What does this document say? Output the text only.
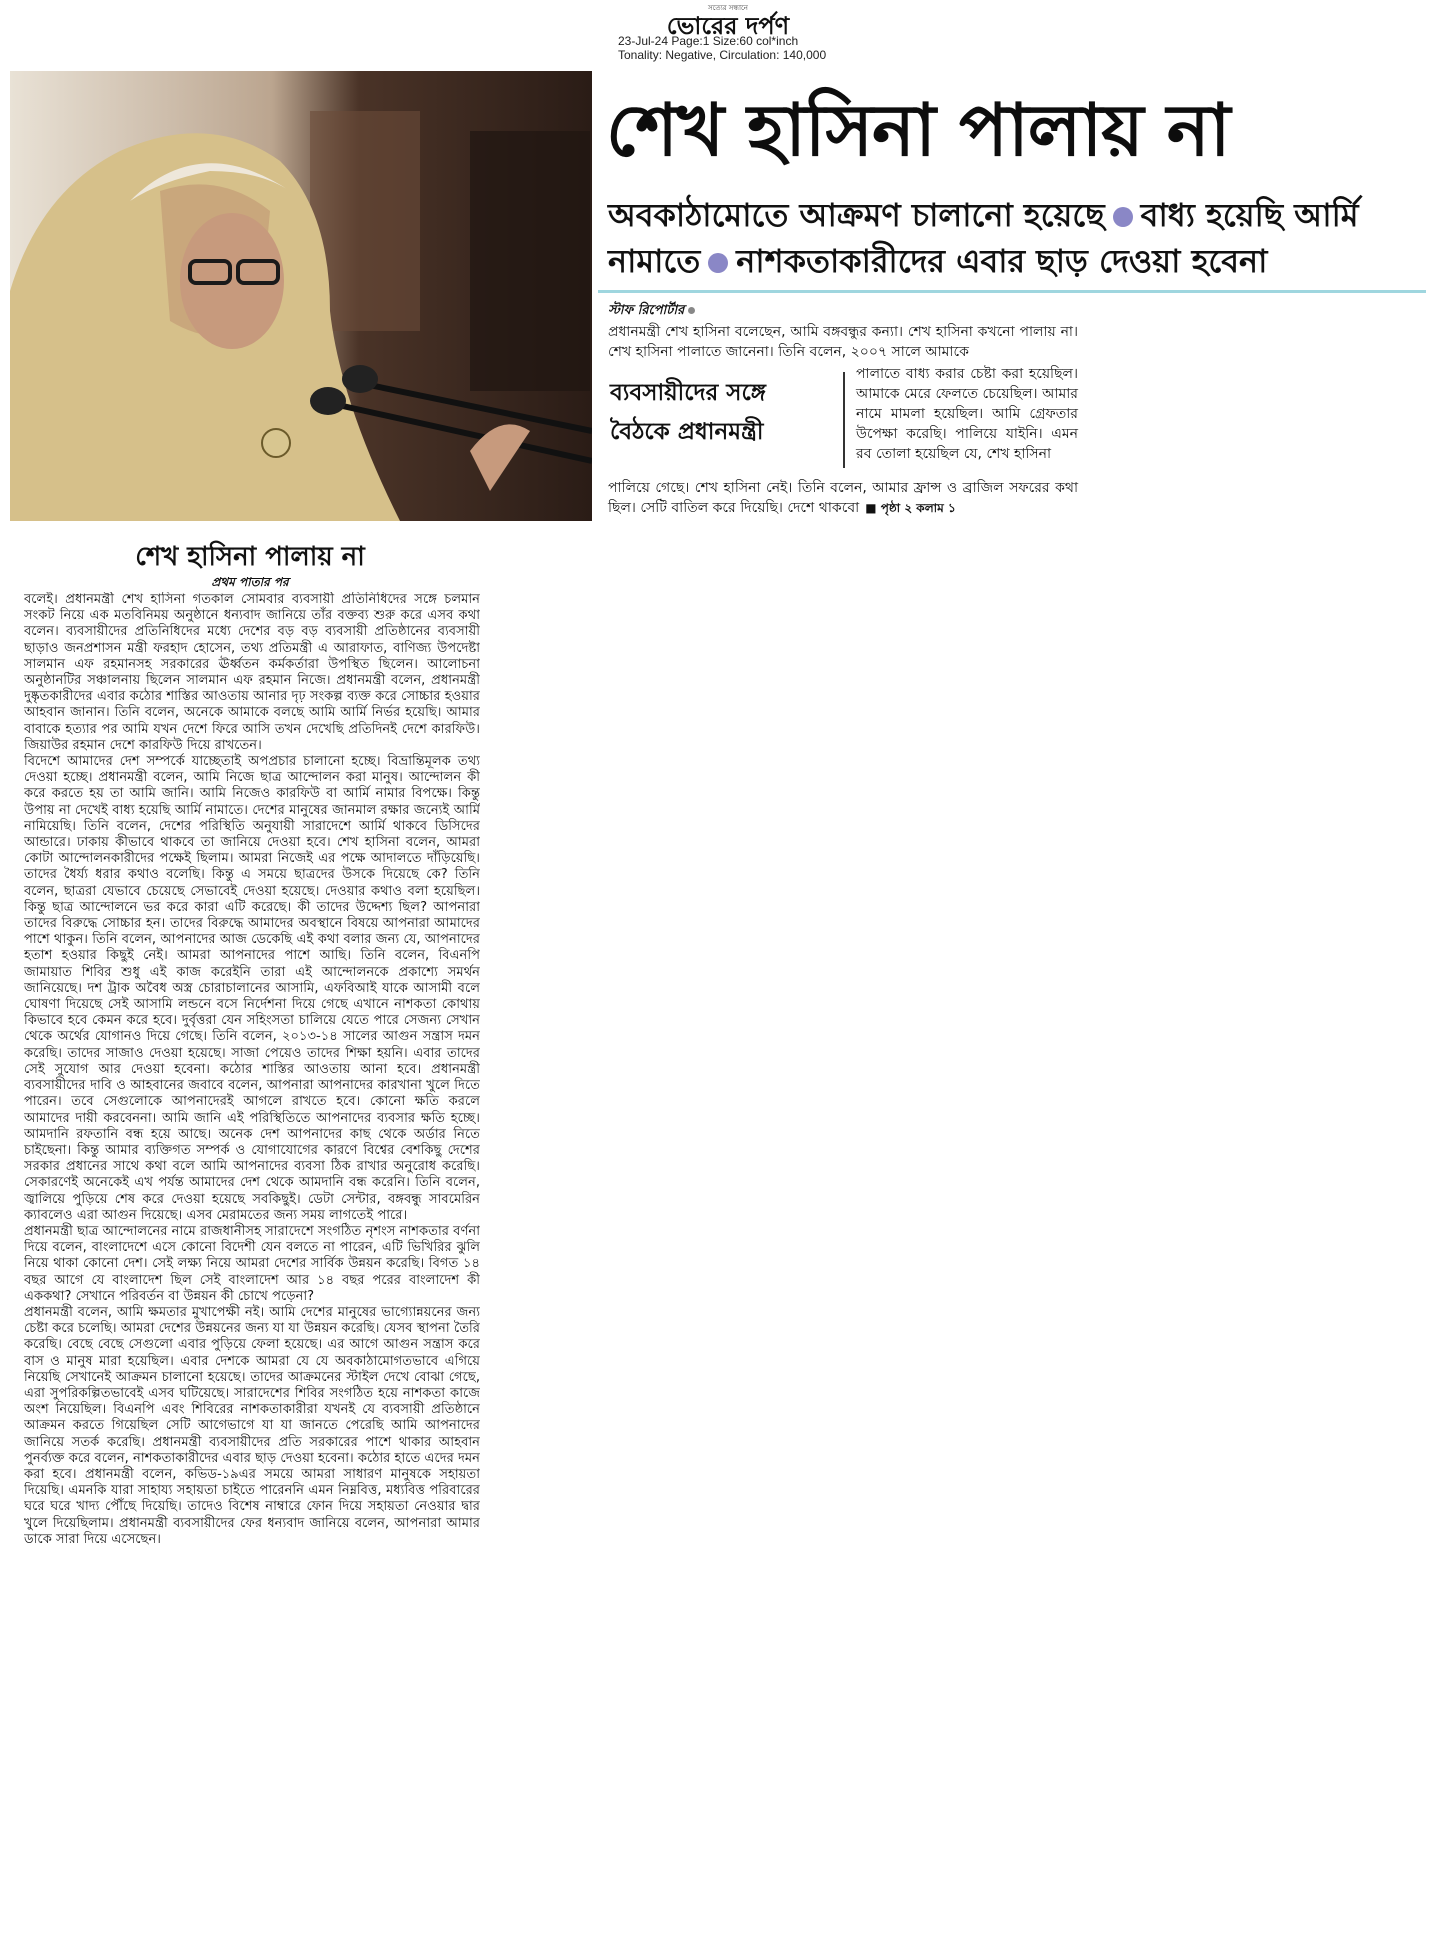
সত্যের সন্ধানে
ভোরের দর্পণ
23-Jul-24 Page:1 Size:60 col*inch
Tonality: Negative, Circulation: 140,000
শেখ হাসিনা পালায় না
অবকাঠামোতে আক্রমণ চালানো হয়েছে বাধ্য হয়েছি আর্মি নামাতে নাশকতাকারীদের এবার ছাড় দেওয়া হবেনা
স্টাফ রিপোর্টার
প্রধানমন্ত্রী শেখ হাসিনা বলেছেন, আমি বঙ্গবন্ধুর কন্যা। শেখ হাসিনা কখনো পালায় না। শেখ হাসিনা পালাতে জানেনা। তিনি বলেন, ২০০৭ সালে আমাকে
ব্যবসায়ীদের সঙ্গে
বৈঠকে প্রধানমন্ত্রী
পালাতে বাধ্য করার চেষ্টা করা হয়েছিল। আমাকে মেরে ফেলতে চেয়েছিল। আমার নামে মামলা হয়েছিল। আমি গ্রেফতার উপেক্ষা করেছি। পালিয়ে যাইনি। এমন রব তোলা হয়েছিল যে, শেখ হাসিনা
পালিয়ে গেছে। শেখ হাসিনা নেই। তিনি বলেন, আমার ফ্রান্স ও ব্রাজিল সফরের কথা ছিল। সেটি বাতিল করে দিয়েছি। দেশে থাকবো ■ পৃষ্ঠা ২ কলাম ১
শেখ হাসিনা পালায় না
প্রথম পাতার পর

বলেই। প্রধানমন্ত্রী শেখ হাসিনা গতকাল সোমবার ব্যবসায়ী প্রতিনিধিদের সঙ্গে চলমান সংকট নিয়ে এক মতবিনিময় অনুষ্ঠানে ধন্যবাদ জানিয়ে তাঁর বক্তব্য শুরু করে এসব কথা বলেন। ব্যবসায়ীদের প্রতিনিধিদের মধ্যে দেশের বড় বড় ব্যবসায়ী প্রতিষ্ঠানের ব্যবসায়ী ছাড়াও জনপ্রশাসন মন্ত্রী ফরহাদ হোসেন, তথ্য প্রতিমন্ত্রী এ আরাফাত, বাণিজ্য উপদেষ্টা সালমান এফ রহমানসহ সরকারের ঊর্ধ্বতন কর্মকর্তারা উপস্থিত ছিলেন। আলোচনা অনুষ্ঠানটির সঞ্চালনায় ছিলেন সালমান এফ রহমান নিজে। প্রধানমন্ত্রী বলেন, প্রধানমন্ত্রী দুষ্কৃতকারীদের এবার কঠোর শাস্তির আওতায় আনার দৃঢ় সংকল্প ব্যক্ত করে সোচ্চার হওয়ার আহবান জানান। তিনি বলেন, অনেকে আমাকে বলছে আমি আর্মি নির্ভর হয়েছি। আমার বাবাকে হত্যার পর আমি যখন দেশে ফিরে আসি তখন দেখেছি প্রতিদিনই দেশে কারফিউ। জিয়াউর রহমান দেশে কারফিউ দিয়ে রাখতেন।

বিদেশে আমাদের দেশ সম্পর্কে যাচ্ছেতাই অপপ্রচার চালানো হচ্ছে। বিভ্রান্তিমূলক তথ্য দেওয়া হচ্ছে। প্রধানমন্ত্রী বলেন, আমি নিজে ছাত্র আন্দোলন করা মানুষ। আন্দোলন কী করে করতে হয় তা আমি জানি। আমি নিজেও কারফিউ বা আর্মি নামার বিপক্ষে। কিন্তু উপায় না দেখেই বাধ্য হয়েছি আর্মি নামাতে। দেশের মানুষের জানমাল রক্ষার জন্যেই আর্মি নামিয়েছি। তিনি বলেন, দেশের পরিস্থিতি অনুযায়ী সারাদেশে আর্মি থাকবে ডিসিদের আন্ডারে। ঢাকায় কীভাবে থাকবে তা জানিয়ে দেওয়া হবে। শেখ হাসিনা বলেন, আমরা কোটা আন্দোলনকারীদের পক্ষেই ছিলাম। আমরা নিজেই এর পক্ষে আদালতে দাঁড়িয়েছি। তাদের ধৈর্য্য ধরার কথাও বলেছি। কিন্তু এ সময়ে ছাত্রদের উসকে দিয়েছে কে? তিনি বলেন, ছাত্ররা যেভাবে চেয়েছে সেভাবেই দেওয়া হয়েছে। দেওয়ার কথাও বলা হয়েছিল। কিন্তু ছাত্র আন্দোলনে ভর করে কারা এটি করেছে। কী তাদের উদ্দেশ্য ছিল? আপনারা তাদের বিরুদ্ধে সোচ্চার হন। তাদের বিরুদ্ধে আমাদের অবস্থানে বিষয়ে আপনারা আমাদের পাশে থাকুন। তিনি বলেন, আপনাদের আজ ডেকেছি এই কথা বলার জন্য যে, আপনাদের হতাশ হওয়ার কিছুই নেই। আমরা আপনাদের পাশে আছি। তিনি বলেন, বিএনপি জামায়াত শিবির শুধু এই কাজ করেইনি তারা এই আন্দোলনকে প্রকাশ্যে সমর্থন জানিয়েছে। দশ ট্রাক অবৈধ অস্ত্র চোরাচালানের আসামি, এফবিআই যাকে আসামী বলে ঘোষণা দিয়েছে সেই আসামি লন্ডনে বসে নির্দেশনা দিয়ে গেছে এখানে নাশকতা কোথায় কিভাবে হবে কেমন করে হবে। দুর্বৃত্তরা যেন সহিংসতা চালিয়ে যেতে পারে সেজন্য সেখান থেকে অর্থের যোগানও দিয়ে গেছে। তিনি বলেন, ২০১৩-১৪ সালের আগুন সন্ত্রাস দমন করেছি। তাদের সাজাও দেওয়া হয়েছে। সাজা পেয়েও তাদের শিক্ষা হয়নি। এবার তাদের সেই সুযোগ আর দেওয়া হবেনা। কঠোর শাস্তির আওতায় আনা হবে। প্রধানমন্ত্রী ব্যবসায়ীদের দাবি ও আহবানের জবাবে বলেন, আপনারা আপনাদের কারখানা খুলে দিতে পারেন। তবে সেগুলোকে আপনাদেরই আগলে রাখতে হবে। কোনো ক্ষতি করলে আমাদের দায়ী করবেননা। আমি জানি এই পরিস্থিতিতে আপনাদের ব্যবসার ক্ষতি হচ্ছে। আমদানি রফতানি বন্ধ হয়ে আছে। অনেক দেশ আপনাদের কাছ থেকে অর্ডার নিতে চাইছেনা। কিন্তু আমার ব্যক্তিগত সম্পর্ক ও যোগাযোগের কারণে বিশ্বের বেশকিছু দেশের সরকার প্রধানের সাথে কথা বলে আমি আপনাদের ব্যবসা ঠিক রাখার অনুরোধ করেছি। সেকারণেই অনেকেই এখ পর্যন্ত আমাদের দেশ থেকে আমদানি বন্ধ করেনি। তিনি বলেন, জ্বালিয়ে পুড়িয়ে শেষ করে দেওয়া হয়েছে সবকিছুই। ডেটা সেন্টার, বঙ্গবন্ধু সাবমেরিন ক্যাবলেও এরা আগুন দিয়েছে। এসব মেরামতের জন্য সময় লাগতেই পারে।

প্রধানমন্ত্রী ছাত্র আন্দোলনের নামে রাজধানীসহ সারাদেশে সংগঠিত নৃশংস নাশকতার বর্ণনা দিয়ে বলেন, বাংলাদেশে এসে কোনো বিদেশী যেন বলতে না পারেন, এটি ভিখিরির ঝুলি নিয়ে থাকা কোনো দেশ। সেই লক্ষ্য নিয়ে আমরা দেশের সার্বিক উন্নয়ন করেছি। বিগত ১৪ বছর আগে যে বাংলাদেশ ছিল সেই বাংলাদেশ আর ১৪ বছর পরের বাংলাদেশ কী এককথা? সেখানে পরিবর্তন বা উন্নয়ন কী চোখে পড়েনা?

প্রধানমন্ত্রী বলেন, আমি ক্ষমতার মুখাপেক্ষী নই। আমি দেশের মানুষের ভাগ্যোন্নয়নের জন্য চেষ্টা করে চলেছি। আমরা দেশের উন্নয়নের জন্য যা যা উন্নয়ন করেছি। যেসব স্থাপনা তৈরি করেছি। বেছে বেছে সেগুলো এবার পুড়িয়ে ফেলা হয়েছে। এর আগে আগুন সন্ত্রাস করে বাস ও মানুষ মারা হয়েছিল। এবার দেশকে আমরা যে যে অবকাঠামোগতভাবে এগিয়ে নিয়েছি সেখানেই আক্রমন চালানো হয়েছে। তাদের আক্রমনের স্টাইল দেখে বোঝা গেছে, এরা সুপরিকল্পিতভাবেই এসব ঘটিয়েছে। সারাদেশের শিবির সংগঠিত হয়ে নাশকতা কাজে অংশ নিয়েছিল। বিএনপি এবং শিবিরের নাশকতাকারীরা যখনই যে ব্যবসায়ী প্রতিষ্ঠানে আক্রমন করতে গিয়েছিল সেটি আগেভাগে যা যা জানতে পেরেছি আমি আপনাদের জানিয়ে সতর্ক করেছি। প্রধানমন্ত্রী ব্যবসায়ীদের প্রতি সরকারের পাশে থাকার আহবান পুনর্ব্যক্ত করে বলেন, নাশকতাকারীদের এবার ছাড় দেওয়া হবেনা। কঠোর হাতে এদের দমন করা হবে। প্রধানমন্ত্রী বলেন, কভিড-১৯এর সময়ে আমরা সাধারণ মানুষকে সহায়তা দিয়েছি। এমনকি যারা সাহায্য সহায়তা চাইতে পারেননি এমন নিম্নবিত্ত, মধ্যবিত্ত পরিবারের ঘরে ঘরে খাদ্য পৌঁছে দিয়েছি। তাদেও বিশেষ নাম্বারে ফোন দিয়ে সহায়তা নেওয়ার দ্বার খুলে দিয়েছিলাম। প্রধানমন্ত্রী ব্যবসায়ীদের ফের ধন্যবাদ জানিয়ে বলেন, আপনারা আমার ডাকে সারা দিয়ে এসেছেন।
